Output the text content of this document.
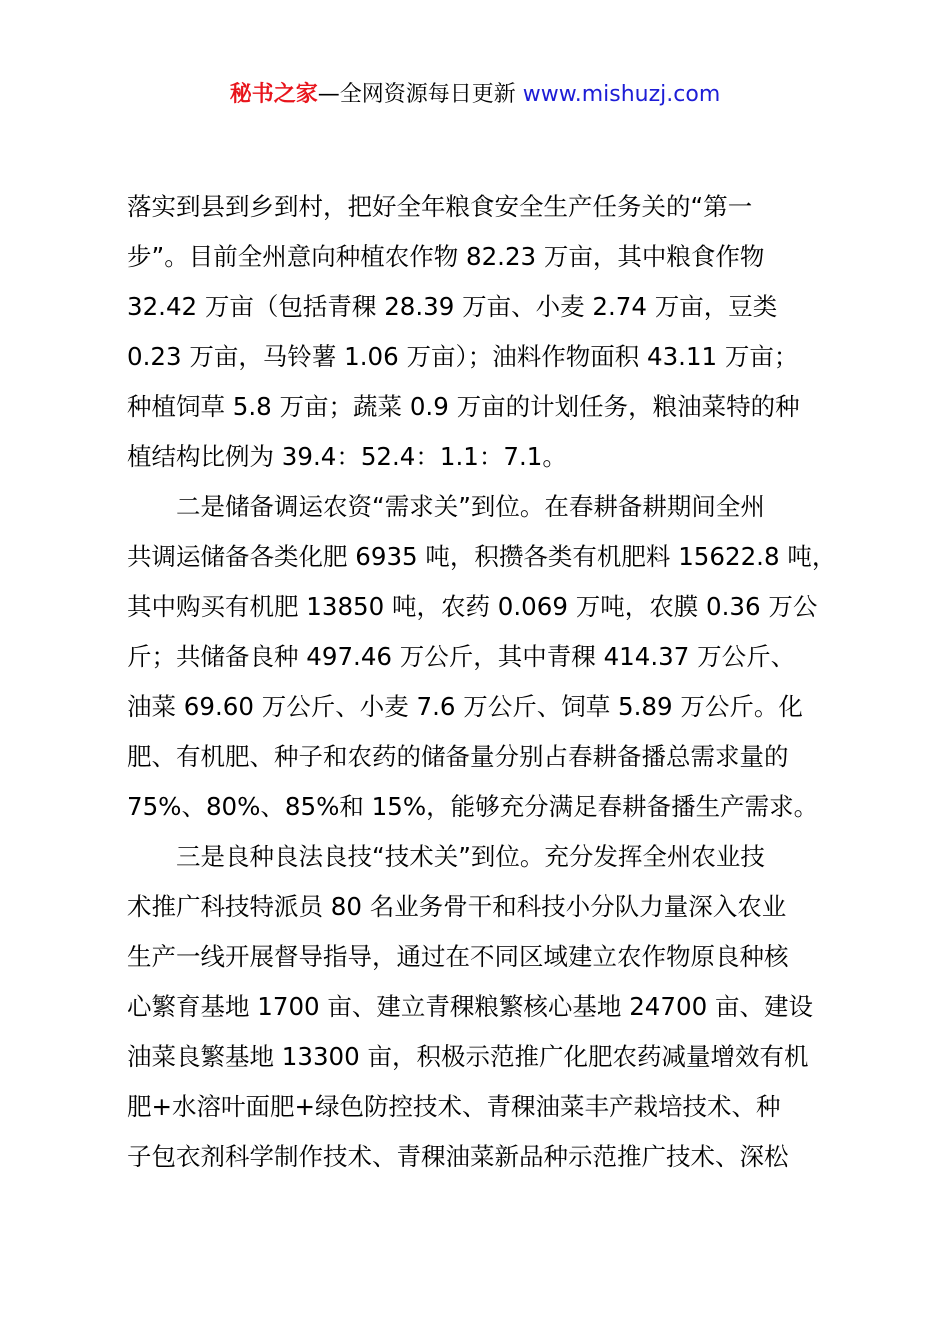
秘书之家—全网资源每日更新 www.mishuzj.com
落实到县到乡到村，把好全年粮食安全生产任务关的“第一
步”。目前全州意向种植农作物 82.23 万亩，其中粮食作物
32.42 万亩（包括青稞 28.39 万亩、小麦 2.74 万亩，豆类
0.23 万亩，马铃薯 1.06 万亩）；油料作物面积 43.11 万亩；
种植饲草 5.8 万亩；蔬菜 0.9 万亩的计划任务，粮油菜特的种
植结构比例为 39.4：52.4：1.1：7.1。
二是储备调运农资“需求关”到位。在春耕备耕期间全州
共调运储备各类化肥 6935 吨，积攒各类有机肥料 15622.8 吨，
其中购买有机肥 13850 吨，农药 0.069 万吨，农膜 0.36 万公
斤；共储备良种 497.46 万公斤，其中青稞 414.37 万公斤、
油菜 69.60 万公斤、小麦 7.6 万公斤、饲草 5.89 万公斤。化
肥、有机肥、种子和农药的储备量分别占春耕备播总需求量的
75%、80%、85%和 15%，能够充分满足春耕备播生产需求。
三是良种良法良技“技术关”到位。充分发挥全州农业技
术推广科技特派员 80 名业务骨干和科技小分队力量深入农业
生产一线开展督导指导，通过在不同区域建立农作物原良种核
心繁育基地 1700 亩、建立青稞粮繁核心基地 24700 亩、建设
油菜良繁基地 13300 亩，积极示范推广化肥农药减量增效有机
肥+水溶叶面肥+绿色防控技术、青稞油菜丰产栽培技术、种
子包衣剂科学制作技术、青稞油菜新品种示范推广技术、深松
